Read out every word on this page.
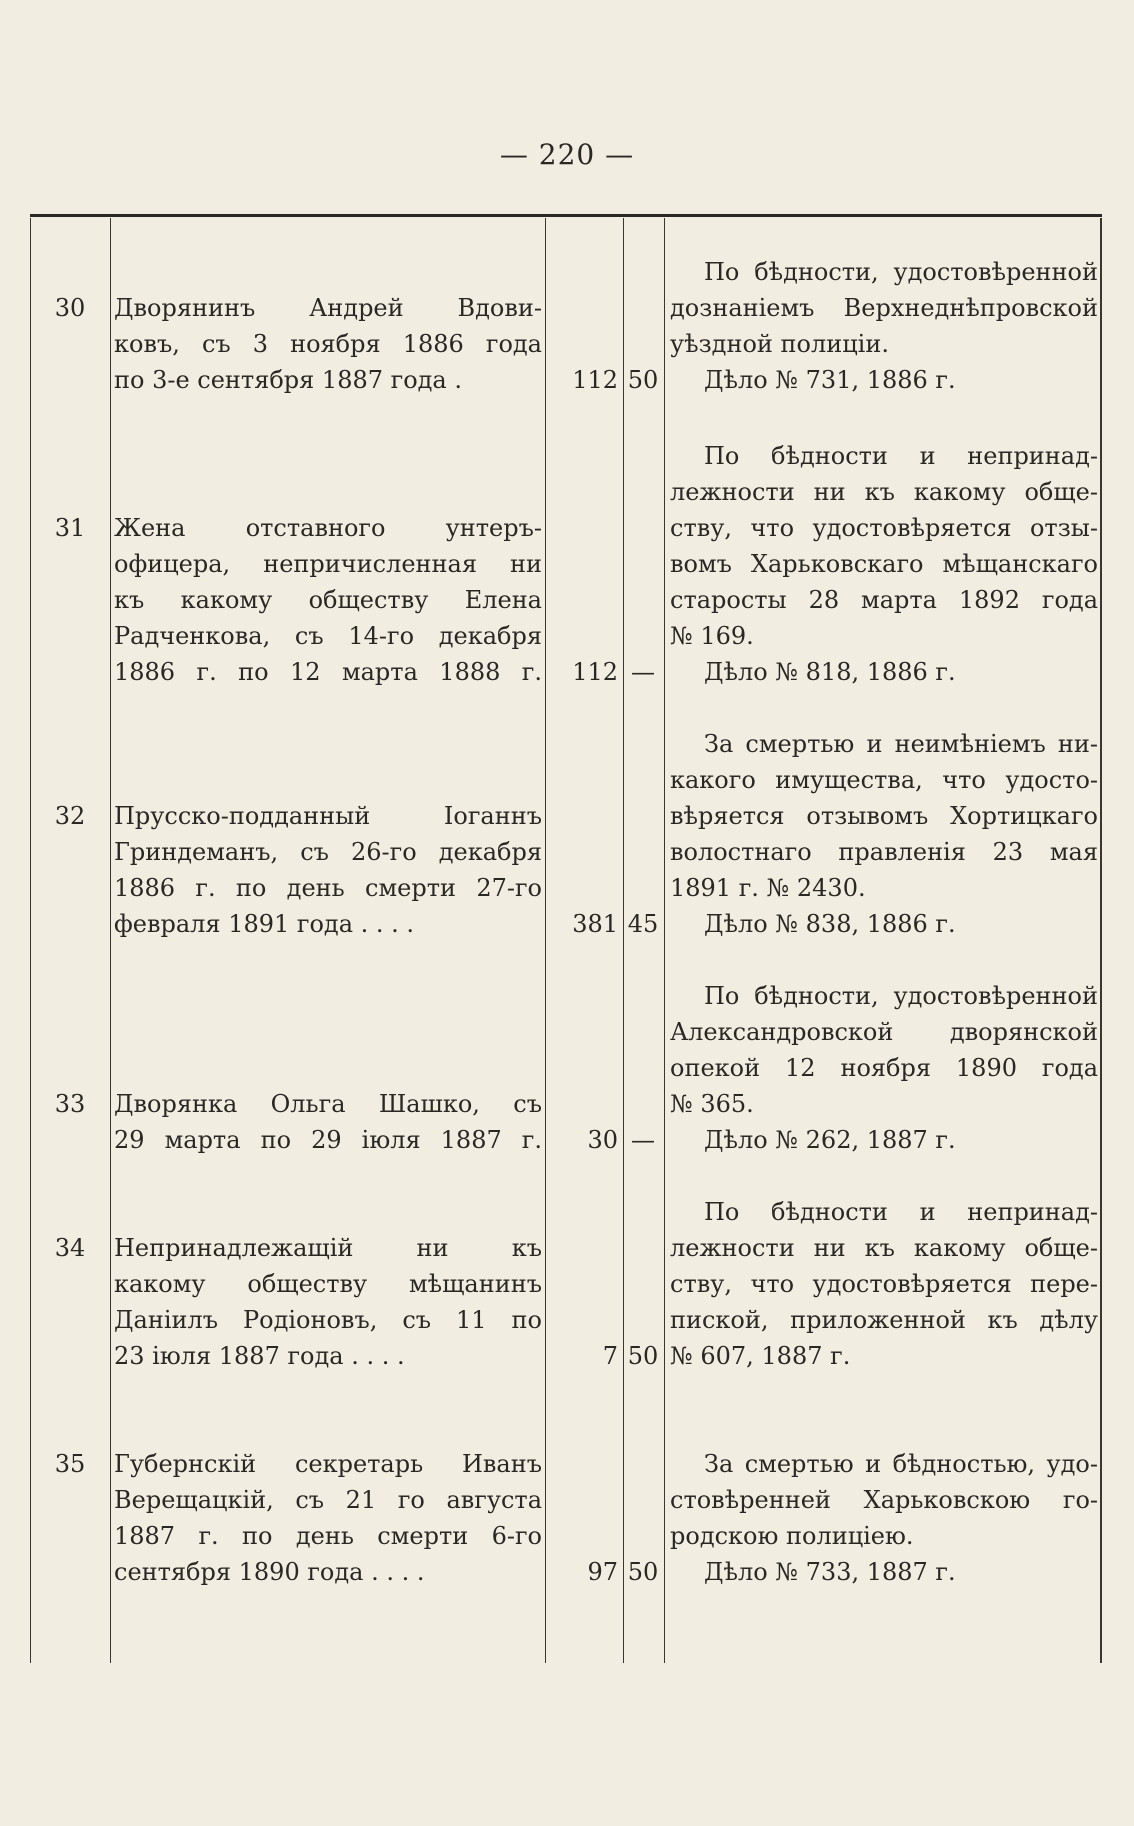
— 220 —
30	Дворянинъ Андрей Вдови-
ковъ, съ 3 ноября 1886 года
по 3-е сентября 1887 года .	112 50
По бѣдности, удостовѣренной
дознаніемъ Верхнеднѣпровской
уѣздной полиціи.
Дѣло № 731, 1886 г.
31	Жена отставного унтеръ-
офицера, непричисленная ни
къ какому обществу Елена
Радченкова, съ 14-го декабря
1886 г. по 12 марта 1888 г.	112 —
По бѣдности и непринад-
лежности ни къ какому обще-
ству, что удостовѣряется отзы-
вомъ Харьковскаго мѣщанскаго
старосты 28 марта 1892 года
№ 169.
Дѣло № 818, 1886 г.
32	Прусско-подданный Іоганнъ
Гриндеманъ, съ 26-го декабря
1886 г. по день смерти 27-го
февраля 1891 года . . . .	381 45
За смертью и неимѣніемъ ни-
какого имущества, что удосто-
вѣряется отзывомъ Хортицкаго
волостнаго правленія 23 мая
1891 г. № 2430.
Дѣло № 838, 1886 г.
33	Дворянка Ольга Шашко, съ
29 марта по 29 іюля 1887 г.	30 —
По бѣдности, удостовѣренной
Александровской дворянской
опекой 12 ноября 1890 года
№ 365.
Дѣло № 262, 1887 г.
34	Непринадлежащій ни къ
какому обществу мѣщанинъ
Даніилъ Родіоновъ, съ 11 по
23 іюля 1887 года . . . .	7 50
По бѣдности и непринад-
лежности ни къ какому обще-
ству, что удостовѣряется пере-
пиской, приложенной къ дѣлу
№ 607, 1887 г.
35	Губернскій секретарь Иванъ
Верещацкій, съ 21 го августа
1887 г. по день смерти 6-го
сентября 1890 года . . . .	97 50
За смертью и бѣдностью, удо-
стовѣренней Харьковскою го-
родскою полиціею.
Дѣло № 733, 1887 г.
